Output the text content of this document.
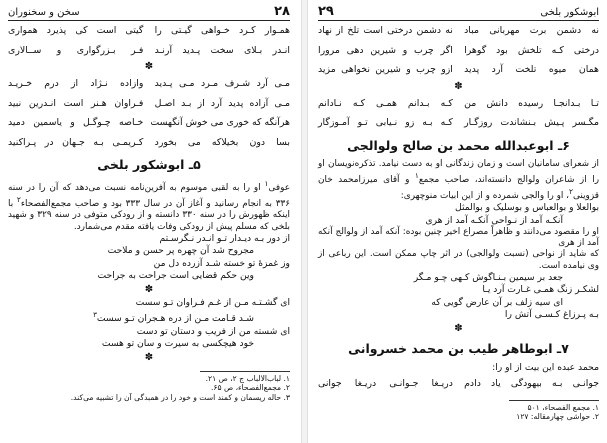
ابوشکور بلخی
۲۹
نه دشمن برت مهربانی مباد
نه دشمن درختی است تلخ از نهاد
درختی کـه تلخش بود گوهرا
اگر چرب و شیرین دهی مرورا
همان میوه تلخت آرد پدید
ازو چرب و شیرین نخواهی مزید
✽
تـا بـدانجـا رسیده دانش من
کـه بـدانم همـی کـه نـادانم
مگـسر پـیش بـنشاندت روزگـار
کـه بـه زو نـیابی تـو آمـوزگار
۶ـ ابوعبدالله محمد بن صالح ولوالجی

از شعرای سامانیان است و زمان زندگانی او به دست نیامد. تذکره‌نویسان او را از شاعران ولوالج دانسته‌اند، صاحب مجمع$^۱$ و آقای میرزامحمد خان قزوینی$^۲$، او را والجی شمرده و از این ابیات منوچهری:

بوالعلا و بوالعباس و بوسلیک و بوالمثل
آنکـه آمد از نـواحی آنکـه آمد از هری
او را مقصود می‌دانند و ظاهراً مصراع اخیر چنین بوده: آنکه آمد از ولوالج آنکه آمد از هری
که شاید از نواحی (نسبت ولوالجی) در اثر چاپ ممکن است. این رباعی از وی نیامده است.
جعد بر سیمین بـنـاگوش کـهی چـو مـگر
لشکـر زنگ همـی غـارت آرد یـا
ای سیه زلف بر آن عارض گویی که
بـه پـرزاغ کـسـی آتش را
✽
۷ـ ابوطاهر طیب بن محمد خسروانی
محمد عبده این بیت از او را:
جوانـی بـه بیهودگی یاد دادم
دریـغا جـوانـی دریـغا جوانی
۱. مجمع الفصحاء، ۵۰۱
۲. حواشی چهارمقاله: ۱۲۷
۲۸
سخن و سخنوران
همـوار کـرد خـواهی گیـتی را
گیتی است کی پذیرد همواری
انـدر بـلای سخت پـدید آرنـد
فـر بـزرگواری و ســالاری
✽
مـی آرد شـرف مـرد مـی پـدید
وازاده نـژاد از درم خـریـد
مـی آزاده پدید آرد از بـد اصـل
فـراوان هـنر است انـدرین نبید
هرآنگه که خوری می خوش آنگهست
خـاصه چـوگـل و یاسمین دمید
بسا دون بخیلاکه می بخورد
کـریمـی بـه جـهان در پـراکنید
۵ـ ابوشکور بلخی

عوفی$^۱$ او را به لقبی موسوم به آفرین‌نامه نسبت می‌دهد که آن را در سنه ۳۳۶ به انجام رسانید و آغاز آن در سال ۳۳۳ بود و صاحب مجمع‌الفصحاء$^۲$ با اینکه ظهورش را در سنه ۳۳۰ دانسته و از رودکی متوفی در سنه ۳۲۹ و شهید بلخی که مسلم پیش از رودکی وفات یافته مقدم می‌شمارد.

از دور بـه دیـدار تـو انـدر نـگرسـتم
مجروح شد آن چهره پر حسن و ملاحت
وز غمزهٔ تو خسته شـد آزرده دل من
وین حکم قضایی است جراحت به جراحت
✽
ای گشـتـه مـن از غـم فـراوان تـو سست
شـد قـامت مـن از دره هـجران تـو سست$^۳$
ای شسته من از فریب و دستان تو دست
خود هیچکسی به سیرت و سان تو هست
✽
۱. لباب‌الالباب ج ۲، ص ۲۱.
۲. مجمع‌الفصحاء، ص ۶۵.
۳. حاله ریسمان و کمند است و خود را در همبدگی آن را تشبیه می‌کند.
